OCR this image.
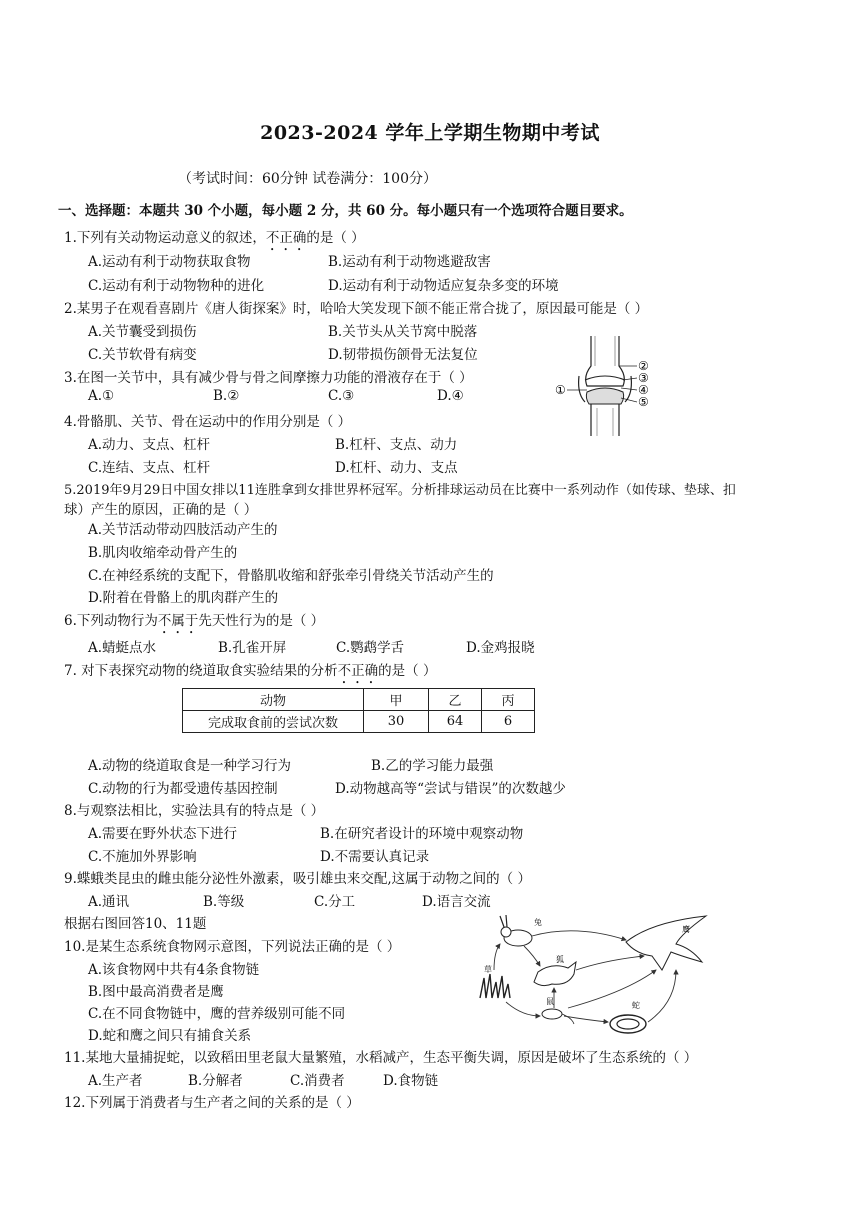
2023-2024 学年上学期生物期中考试
（考试时间：60分钟 试卷满分：100分）
一、选择题：本题共 30 个小题，每小题 2 分，共 60 分。每小题只有一个选项符合题目要求。
1.下列有关动物运动意义的叙述，不正确的是（ ）
A.运动有利于动物获取食物	B.运动有利于动物逃避敌害
C.运动有利于动物物种的进化	D.运动有利于动物适应复杂多变的环境
2.某男子在观看喜剧片《唐人街探案》时，哈哈大笑发现下颌不能正常合拢了，原因最可能是（ ）
A.关节囊受到损伤	B.关节头从关节窝中脱落
C.关节软骨有病变	D.韧带损伤颌骨无法复位
3.在图一关节中，具有减少骨与骨之间摩擦力功能的滑液存在于（ ）
A.①	B.②	C.③	D.④	①
②
③
④
⑤
4.骨骼肌、关节、骨在运动中的作用分别是（ ）
A.动力、支点、杠杆	B.杠杆、支点、动力
C.连结、支点、杠杆	D.杠杆、动力、支点
5.2019年9月29日中国女排以11连胜拿到女排世界杯冠军。分析排球运动员在比赛中一系列动作（如传球、垫球、扣
球）产生的原因，正确的是（ ）
A.关节活动带动四肢活动产生的
B.肌肉收缩牵动骨产生的
C.在神经系统的支配下，骨骼肌收缩和舒张牵引骨绕关节活动产生的
D.附着在骨骼上的肌肉群产生的
6.下列动物行为不属于先天性行为的是（ ）
A.蜻蜓点水	B.孔雀开屏	C.鹦鹉学舌	D.金鸡报晓
7. 对下表探究动物的绕道取食实验结果的分析不正确的是（ ）
动物	甲	乙	丙
完成取食前的尝试次数	30	64	6
A.动物的绕道取食是一种学习行为	B.乙的学习能力最强
C.动物的行为都受遗传基因控制	D.动物越高等“尝试与错误”的次数越少
8.与观察法相比，实验法具有的特点是（ ）
A.需要在野外状态下进行	B.在研究者设计的环境中观察动物
C.不施加外界影响	D.不需要认真记录
9.蝶蛾类昆虫的雌虫能分泌性外激素，吸引雄虫来交配,这属于动物之间的（ ）
A.通讯	B.等级	C.分工	D.语言交流
根据右图回答10、11题
10.是某生态系统食物网示意图，下列说法正确的是（ ）
A.该食物网中共有4条食物链
B.图中最高消费者是鹰
C.在不同食物链中，鹰的营养级别可能不同
D.蛇和鹰之间只有捕食关系
兔
鹰
狐
草
鼠	蛇
11.某地大量捕捉蛇，以致稻田里老鼠大量繁殖，水稻减产，生态平衡失调，原因是破坏了生态系统的（ ）
A.生产者	B.分解者	C.消费者	D.食物链
12.下列属于消费者与生产者之间的关系的是（ ）
